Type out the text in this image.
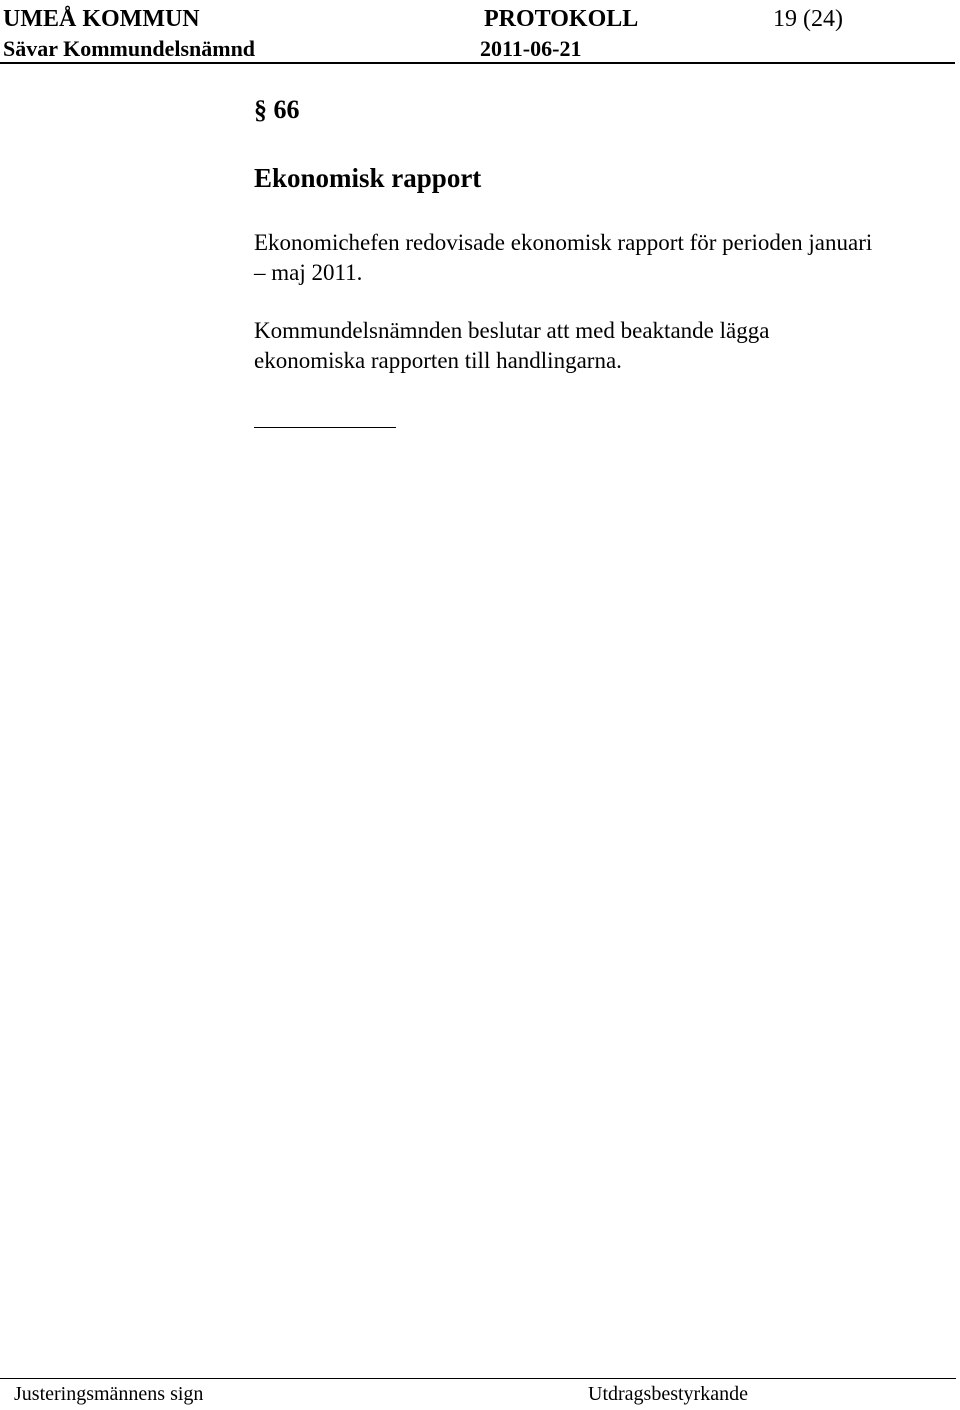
UMEÅ KOMMUN	PROTOKOLL	19 (24)
Sävar Kommundelsnämnd	2011-06-21
§ 66
Ekonomisk rapport
Ekonomichefen redovisade ekonomisk rapport för perioden januari
– maj 2011.
Kommundelsnämnden beslutar att med beaktande lägga
ekonomiska rapporten till handlingarna.
Justeringsmännens sign	Utdragsbestyrkande
